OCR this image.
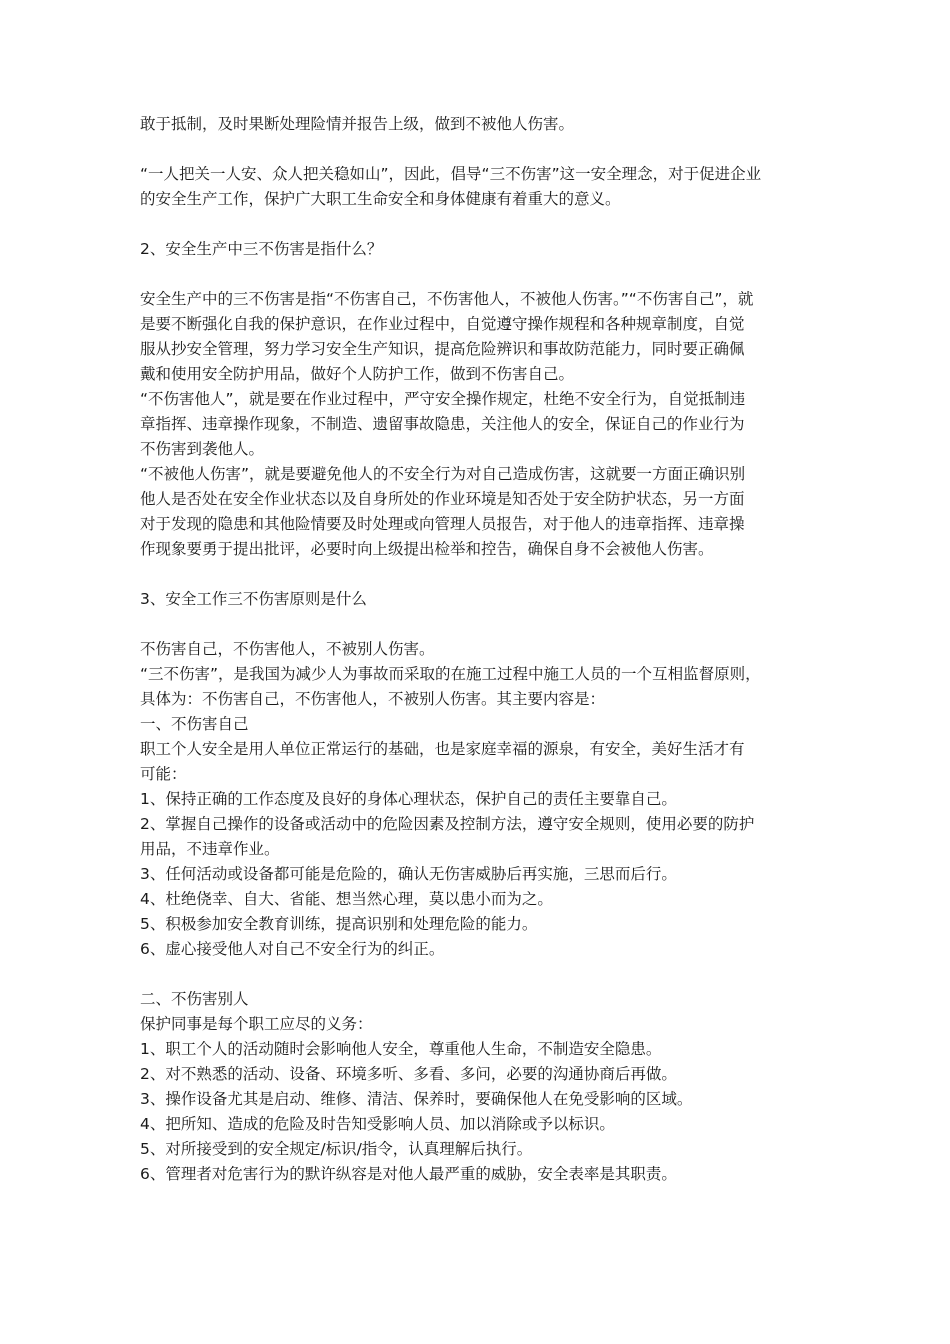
敢于抵制，及时果断处理险情并报告上级，做到不被他人伤害。
“一人把关一人安、众人把关稳如山”，因此，倡导“三不伤害”这一安全理念，对于促进企业
的安全生产工作，保护广大职工生命安全和身体健康有着重大的意义。
2、安全生产中三不伤害是指什么？
安全生产中的三不伤害是指“不伤害自己，不伤害他人，不被他人伤害。”“不伤害自己”，就
是要不断强化自我的保护意识，在作业过程中，自觉遵守操作规程和各种规章制度，自觉
服从抄安全管理，努力学习安全生产知识，提高危险辨识和事故防范能力，同时要正确佩
戴和使用安全防护用品，做好个人防护工作，做到不伤害自己。
“不伤害他人”，就是要在作业过程中，严守安全操作规定，杜绝不安全行为，自觉抵制违
章指挥、违章操作现象，不制造、遗留事故隐患，关注他人的安全，保证自己的作业行为
不伤害到袭他人。
“不被他人伤害”，就是要避免他人的不安全行为对自己造成伤害，这就要一方面正确识别
他人是否处在安全作业状态以及自身所处的作业环境是知否处于安全防护状态，另一方面
对于发现的隐患和其他险情要及时处理或向管理人员报告，对于他人的违章指挥、违章操
作现象要勇于提出批评，必要时向上级提出检举和控告，确保自身不会被他人伤害。
3、安全工作三不伤害原则是什么
不伤害自己，不伤害他人，不被别人伤害。
“三不伤害”，是我国为减少人为事故而采取的在施工过程中施工人员的一个互相监督原则，
具体为：不伤害自己，不伤害他人，不被别人伤害。其主要内容是：
一、不伤害自己
职工个人安全是用人单位正常运行的基础，也是家庭幸福的源泉，有安全，美好生活才有
可能：
1、保持正确的工作态度及良好的身体心理状态，保护自己的责任主要靠自己。
2、掌握自己操作的设备或活动中的危险因素及控制方法，遵守安全规则，使用必要的防护
用品，不违章作业。
3、任何活动或设备都可能是危险的，确认无伤害威胁后再实施，三思而后行。
4、杜绝侥幸、自大、省能、想当然心理，莫以患小而为之。
5、积极参加安全教育训练，提高识别和处理危险的能力。
6、虚心接受他人对自己不安全行为的纠正。
二、不伤害别人
保护同事是每个职工应尽的义务：
1、职工个人的活动随时会影响他人安全，尊重他人生命，不制造安全隐患。
2、对不熟悉的活动、设备、环境多听、多看、多问，必要的沟通协商后再做。
3、操作设备尤其是启动、维修、清洁、保养时，要确保他人在免受影响的区域。
4、把所知、造成的危险及时告知受影响人员、加以消除或予以标识。
5、对所接受到的安全规定/标识/指令，认真理解后执行。
6、管理者对危害行为的默许纵容是对他人最严重的威胁，安全表率是其职责。
